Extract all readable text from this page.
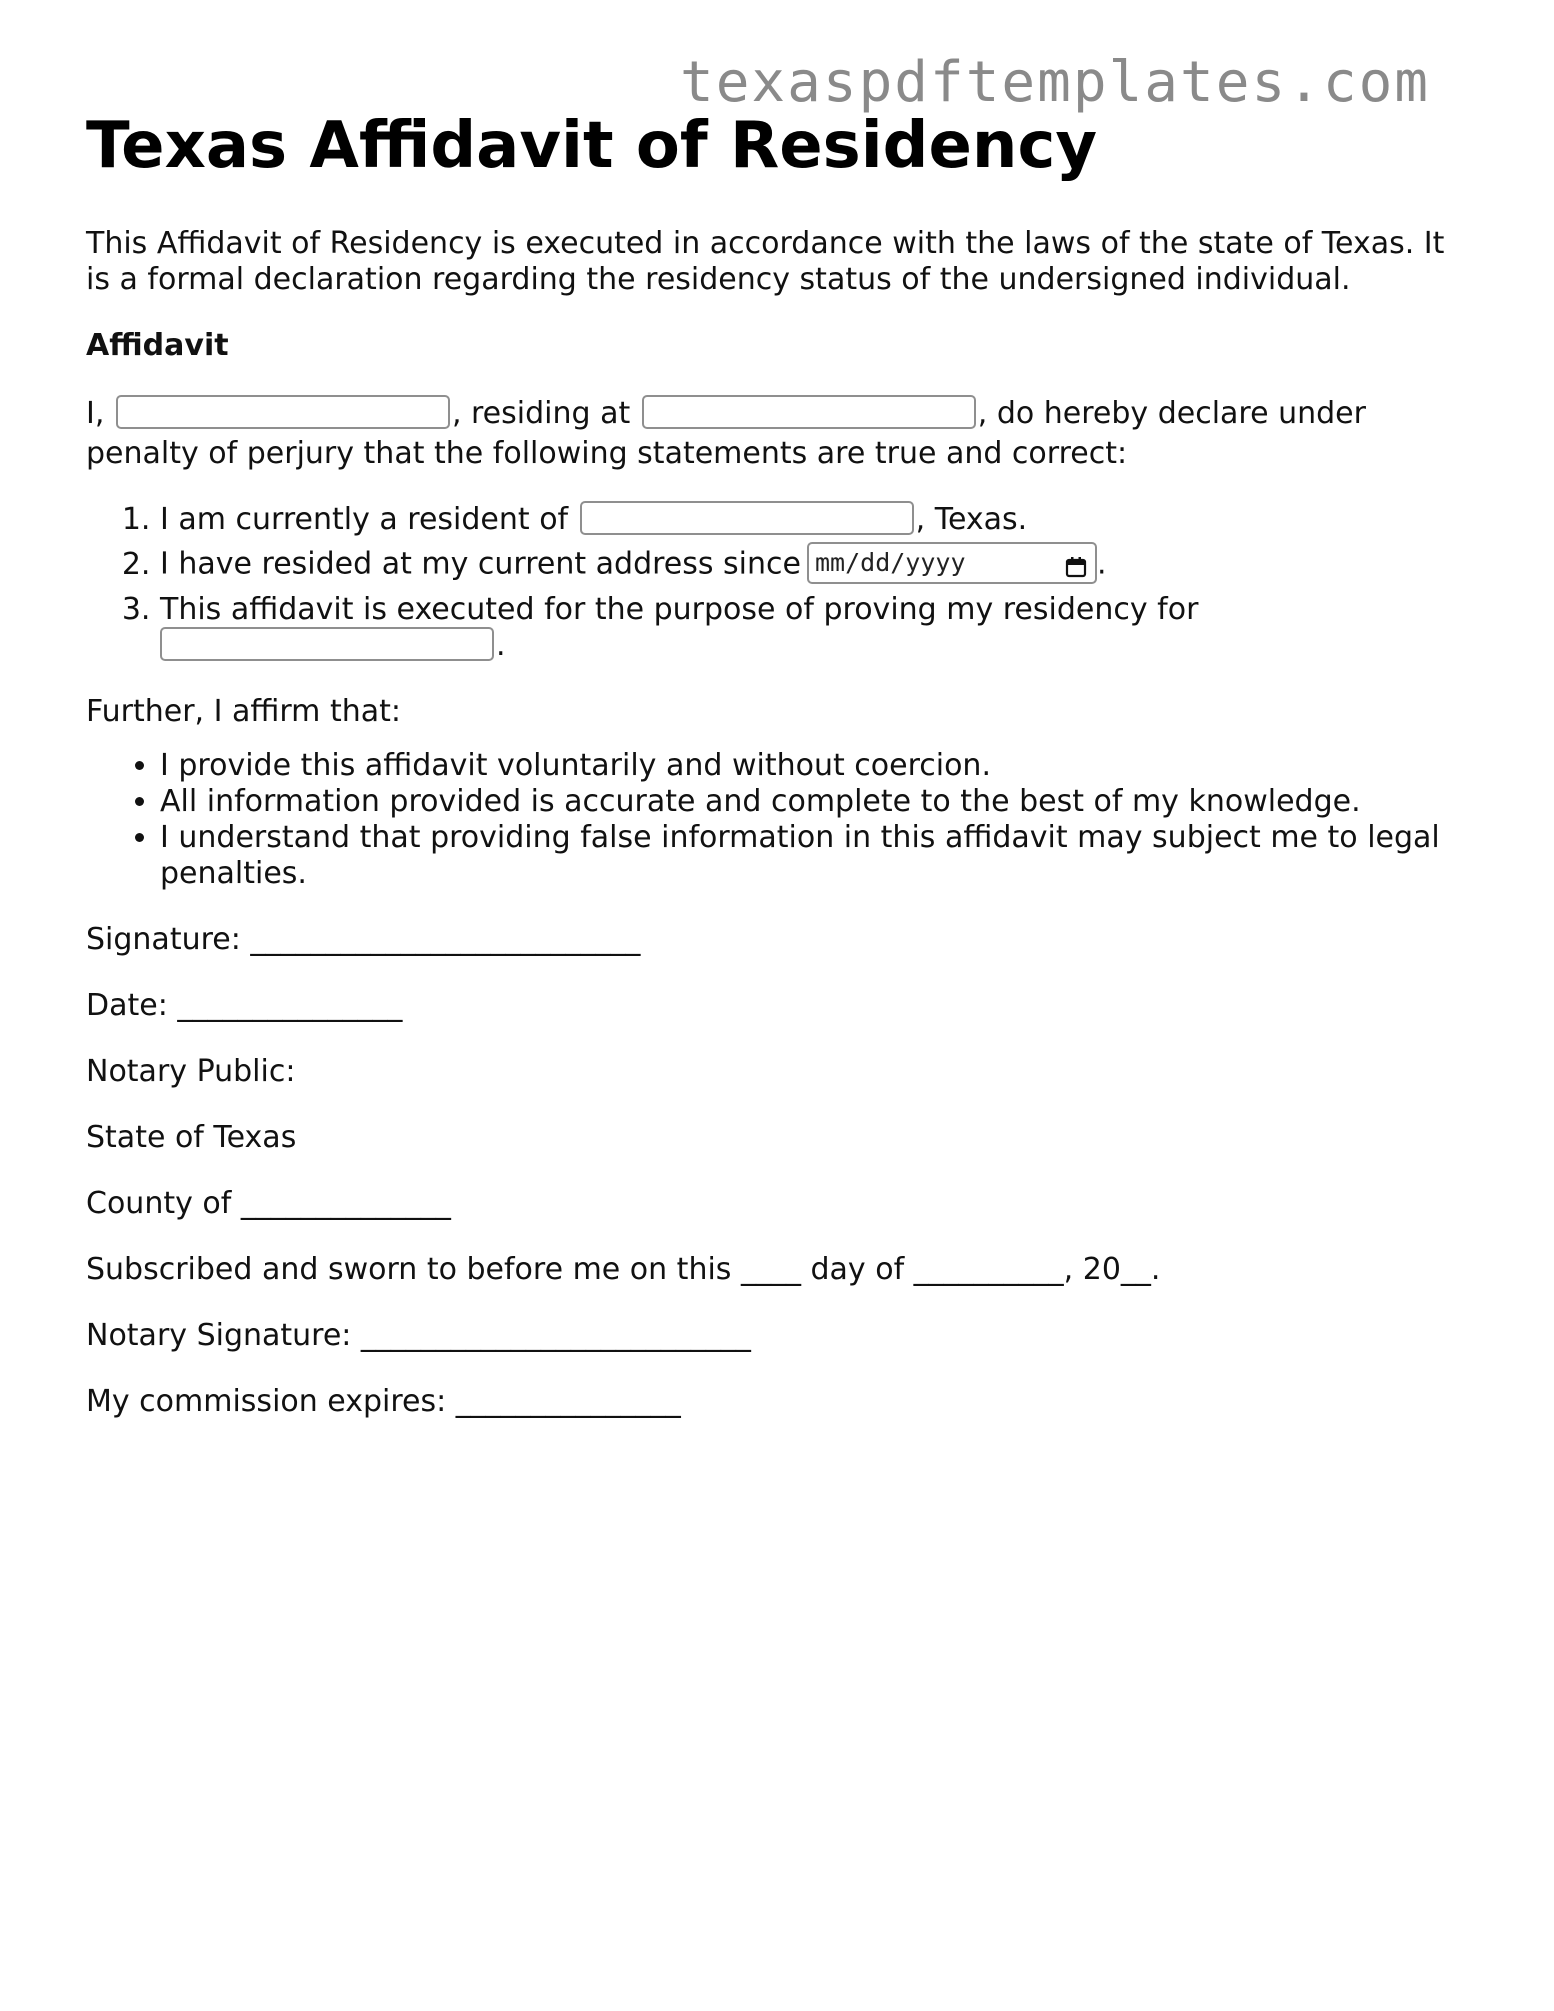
texaspdftemplates.com
Texas Affidavit of Residency

This Affidavit of Residency is executed in accordance with the laws of the state of Texas. It is a formal declaration regarding the residency status of the undersigned individual.

Affidavit

I,	, residing at	, do hereby declare under penalty of perjury that the following statements are true and correct:

1. I am currently a resident of	, Texas.
2. I have resided at my current address since mm/dd/yyyy	.
3. This affidavit is executed for the purpose of proving my residency for
.

Further, I affirm that:

• I provide this affidavit voluntarily and without coercion.
• All information provided is accurate and complete to the best of my knowledge.
• I understand that providing false information in this affidavit may subject me to legal penalties.

Signature: __________________________

Date: _______________

Notary Public:

State of Texas

County of ______________

Subscribed and sworn to before me on this ____ day of __________, 20__.

Notary Signature: __________________________

My commission expires: _______________
